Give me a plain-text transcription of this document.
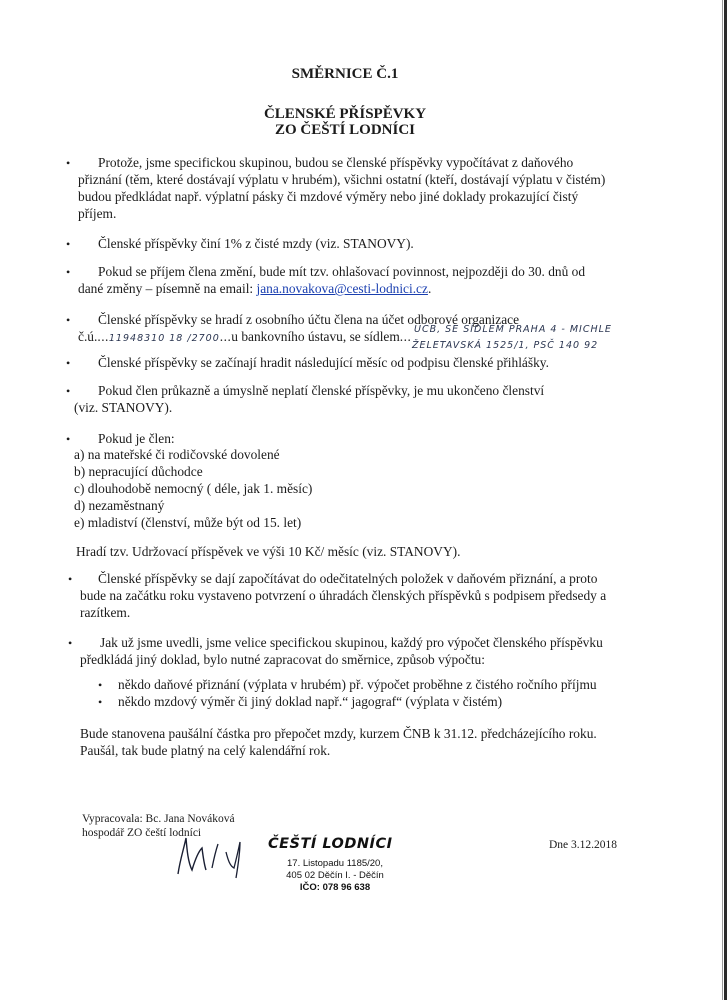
SMĚRNICE Č.1
ČLENSKÉ PŘÍSPĚVKY
ZO ČEŠTÍ LODNÍCI
• Protože, jsme specifickou skupinou, budou se členské příspěvky vypočítávat z daňového
přiznání (těm, které dostávají výplatu v hrubém), všichni ostatní (kteří, dostávají výplatu v čistém)
budou předkládat např. výplatní pásky či mzdové výměry nebo jiné doklady prokazující čistý
příjem.
• Členské příspěvky činí 1% z čisté mzdy (viz. STANOVY).
• Pokud se příjem člena změní, bude mít tzv. ohlašovací povinnost, nejpozději do 30. dnů od
dané změny – písemně na email: jana.novakova@cesti-lodnici.cz.
• Členské příspěvky se hradí z osobního účtu člena na účet odborové organizace
č.ú....11948310 18 /2700...u bankovního ústavu, se sídlem... UCB, SE SÍDLEM PRAHA 4 - MICHLE
ŽELETAVSKÁ 1525/1, PSČ 140 92
• Členské příspěvky se začínají hradit následující měsíc od podpisu členské přihlášky.
• Pokud člen průkazně a úmyslně neplatí členské příspěvky, je mu ukončeno členství
(viz. STANOVY).
• Pokud je člen:
a) na mateřské či rodičovské dovolené
b) nepracující důchodce
c) dlouhodobě nemocný ( déle, jak 1. měsíc)
d) nezaměstnaný
e) mladiství (členství, může být od 15. let)
Hradí tzv. Udržovací příspěvek ve výši 10 Kč/ měsíc (viz. STANOVY).
• Členské příspěvky se dají započítávat do odečitatelných položek v daňovém přiznání, a proto
bude na začátku roku vystaveno potvrzení o úhradách členských příspěvků s podpisem předsedy a
razítkem.
• Jak už jsme uvedli, jsme velice specifickou skupinou, každý pro výpočet členského příspěvku
předkládá jiný doklad, bylo nutné zapracovat do směrnice, způsob výpočtu:
• někdo daňové přiznání (výplata v hrubém) př. výpočet proběhne z čistého ročního příjmu
• někdo mzdový výměr či jiný doklad např.“ jagograf“ (výplata v čistém)
Bude stanovena paušální částka pro přepočet mzdy, kurzem ČNB k 31.12. předcházejícího roku.
Paušál, tak bude platný na celý kalendářní rok.
Vypracovala: Bc. Jana Nováková
hospodář ZO čeští lodníci
Dne 3.12.2018
ČEŠTÍ LODNÍCI
17. Listopadu 1185/20,
405 02 Děčín I. - Děčín
IČO: 078 96 638
